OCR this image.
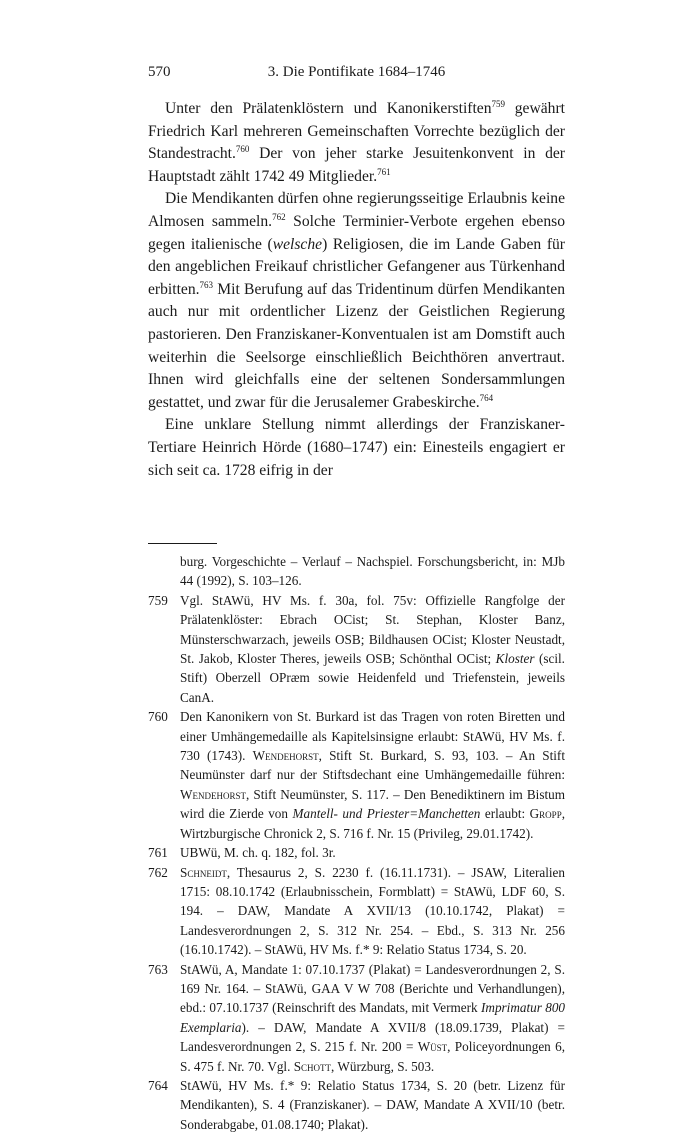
570	3. Die Pontifikate 1684–1746

Unter den Prälatenklöstern und Kanonikerstiften$^{759}$ gewährt Friedrich Karl mehreren Gemeinschaften Vorrechte bezüglich der Standestracht.$^{760}$ Der von jeher starke Jesuitenkonvent in der Hauptstadt zählt 1742 49 Mitglieder.$^{761}$

Die Mendikanten dürfen ohne regierungsseitige Erlaubnis keine Almosen sammeln.$^{762}$ Solche Terminier-Verbote ergehen ebenso gegen italienische (welsche) Religiosen, die im Lande Gaben für den angeblichen Freikauf christlicher Gefangener aus Türkenhand erbitten.$^{763}$ Mit Berufung auf das Tridentinum dürfen Mendikanten auch nur mit ordentlicher Lizenz der Geistlichen Regierung pastorieren. Den Franziskaner-Konventualen ist am Domstift auch weiterhin die Seelsorge einschließlich Beichthören anvertraut. Ihnen wird gleichfalls eine der seltenen Sondersammlungen gestattet, und zwar für die Jerusalemer Grabeskirche.$^{764}$

Eine unklare Stellung nimmt allerdings der Franziskaner-Tertiare Heinrich Hörde (1680–1747) ein: Einesteils engagiert er sich seit ca. 1728 eifrig in der

burg. Vorgeschichte – Verlauf – Nachspiel. Forschungsbericht, in: MJb 44 (1992), S. 103–126.
759 Vgl. StAWü, HV Ms. f. 30a, fol. 75v: Offizielle Rangfolge der Prälatenklöster: Ebrach OCist; St. Stephan, Kloster Banz, Münsterschwarzach, jeweils OSB; Bildhausen OCist; Kloster Neustadt, St. Jakob, Kloster Theres, jeweils OSB; Schönthal OCist; Kloster (scil. Stift) Oberzell OPræm sowie Heidenfeld und Triefenstein, jeweils CanA.
760 Den Kanonikern von St. Burkard ist das Tragen von roten Biretten und einer Umhängemedaille als Kapitelsinsigne erlaubt: StAWü, HV Ms. f. 730 (1743). Wendehorst, Stift St. Burkard, S. 93, 103. – An Stift Neumünster darf nur der Stiftsdechant eine Umhängemedaille führen: Wendehorst, Stift Neumünster, S. 117. – Den Benediktinern im Bistum wird die Zierde von Mantell- und Priester=Manchetten erlaubt: Gropp, Wirtzburgische Chronick 2, S. 716 f. Nr. 15 (Privileg, 29.01.1742).
761 UBWü, M. ch. q. 182, fol. 3r.
762 Schneidt, Thesaurus 2, S. 2230 f. (16.11.1731). – JSAW, Literalien 1715: 08.10.1742 (Erlaubnisschein, Formblatt) = StAWü, LDF 60, S. 194. – DAW, Mandate A XVII/13 (10.10.1742, Plakat) = Landesverordnungen 2, S. 312 Nr. 254. – Ebd., S. 313 Nr. 256 (16.10.1742). – StAWü, HV Ms. f.* 9: Relatio Status 1734, S. 20.
763 StAWü, A, Mandate 1: 07.10.1737 (Plakat) = Landesverordnungen 2, S. 169 Nr. 164. – StAWü, GAA V W 708 (Berichte und Verhandlungen), ebd.: 07.10.1737 (Reinschrift des Mandats, mit Vermerk Imprimatur 800 Exemplaria). – DAW, Mandate A XVII/8 (18.09.1739, Plakat) = Landesverordnungen 2, S. 215 f. Nr. 200 = Wüst, Policeyordnungen 6, S. 475 f. Nr. 70. Vgl. Schott, Würzburg, S. 503.
764 StAWü, HV Ms. f.* 9: Relatio Status 1734, S. 20 (betr. Lizenz für Mendikanten), S. 4 (Franziskaner). – DAW, Mandate A XVII/10 (betr. Sonderabgabe, 01.08.1740; Plakat).
